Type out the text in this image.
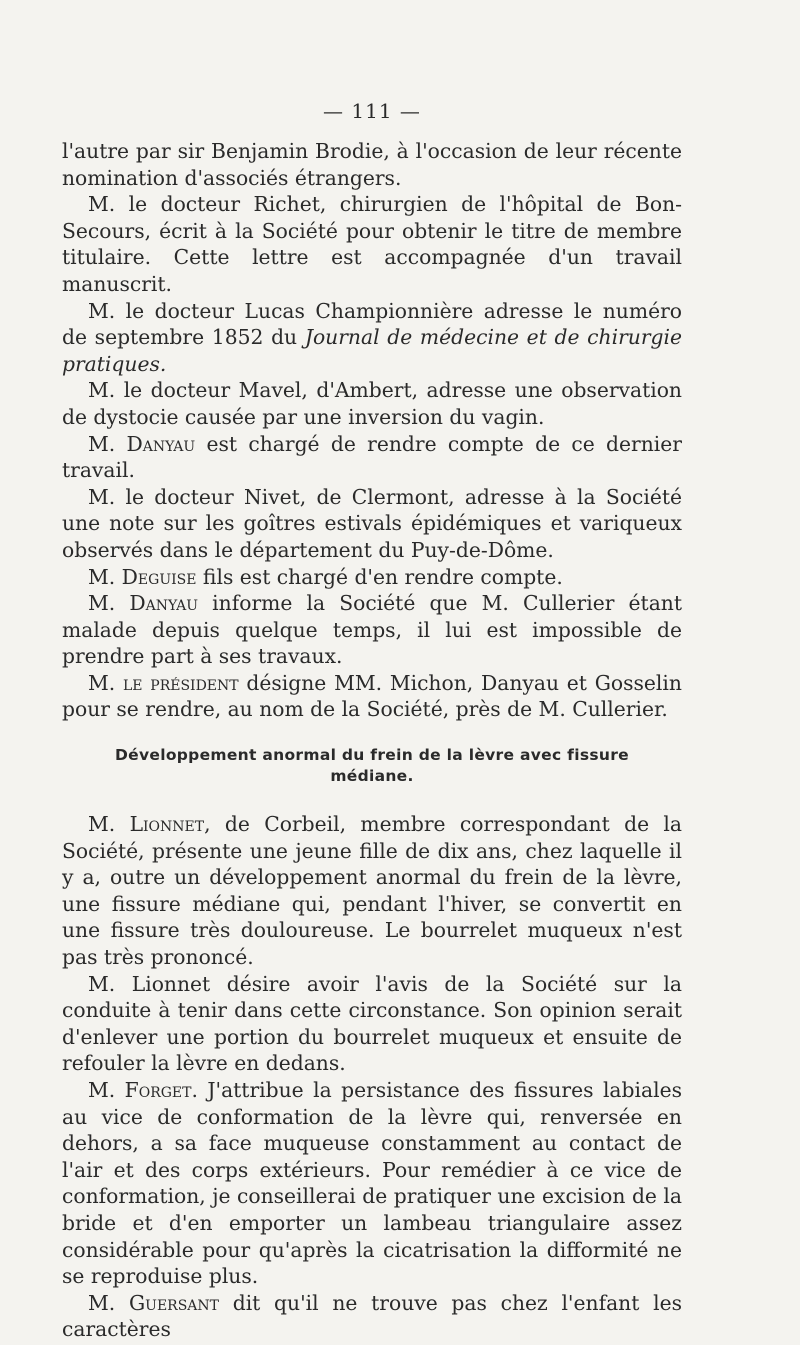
— 111 —

l'autre par sir Benjamin Brodie, à l'occasion de leur récente nomination d'associés étrangers.

M. le docteur Richet, chirurgien de l'hôpital de Bon-Secours, écrit à la Société pour obtenir le titre de membre titulaire. Cette lettre est accompagnée d'un travail manuscrit.

M. le docteur Lucas Championnière adresse le numéro de septembre 1852 du Journal de médecine et de chirurgie pratiques.

M. le docteur Mavel, d'Ambert, adresse une observation de dystocie causée par une inversion du vagin.

M. Danyau est chargé de rendre compte de ce dernier travail.

M. le docteur Nivet, de Clermont, adresse à la Société une note sur les goîtres estivals épidémiques et variqueux observés dans le département du Puy-de-Dôme.

M. Deguise fils est chargé d'en rendre compte.

M. Danyau informe la Société que M. Cullerier étant malade depuis quelque temps, il lui est impossible de prendre part à ses travaux.

M. le président désigne MM. Michon, Danyau et Gosselin pour se rendre, au nom de la Société, près de M. Cullerier.

Développement anormal du frein de la lèvre avec fissure médiane.

M. Lionnet, de Corbeil, membre correspondant de la Société, présente une jeune fille de dix ans, chez laquelle il y a, outre un développement anormal du frein de la lèvre, une fissure médiane qui, pendant l'hiver, se convertit en une fissure très douloureuse. Le bourrelet muqueux n'est pas très prononcé.

M. Lionnet désire avoir l'avis de la Société sur la conduite à tenir dans cette circonstance. Son opinion serait d'enlever une portion du bourrelet muqueux et ensuite de refouler la lèvre en dedans.

M. Forget. J'attribue la persistance des fissures labiales au vice de conformation de la lèvre qui, renversée en dehors, a sa face muqueuse constamment au contact de l'air et des corps extérieurs. Pour remédier à ce vice de conformation, je conseillerai de pratiquer une excision de la bride et d'en emporter un lambeau triangulaire assez considérable pour qu'après la cicatrisation la difformité ne se reproduise plus.

M. Guersant dit qu'il ne trouve pas chez l'enfant les caractères
